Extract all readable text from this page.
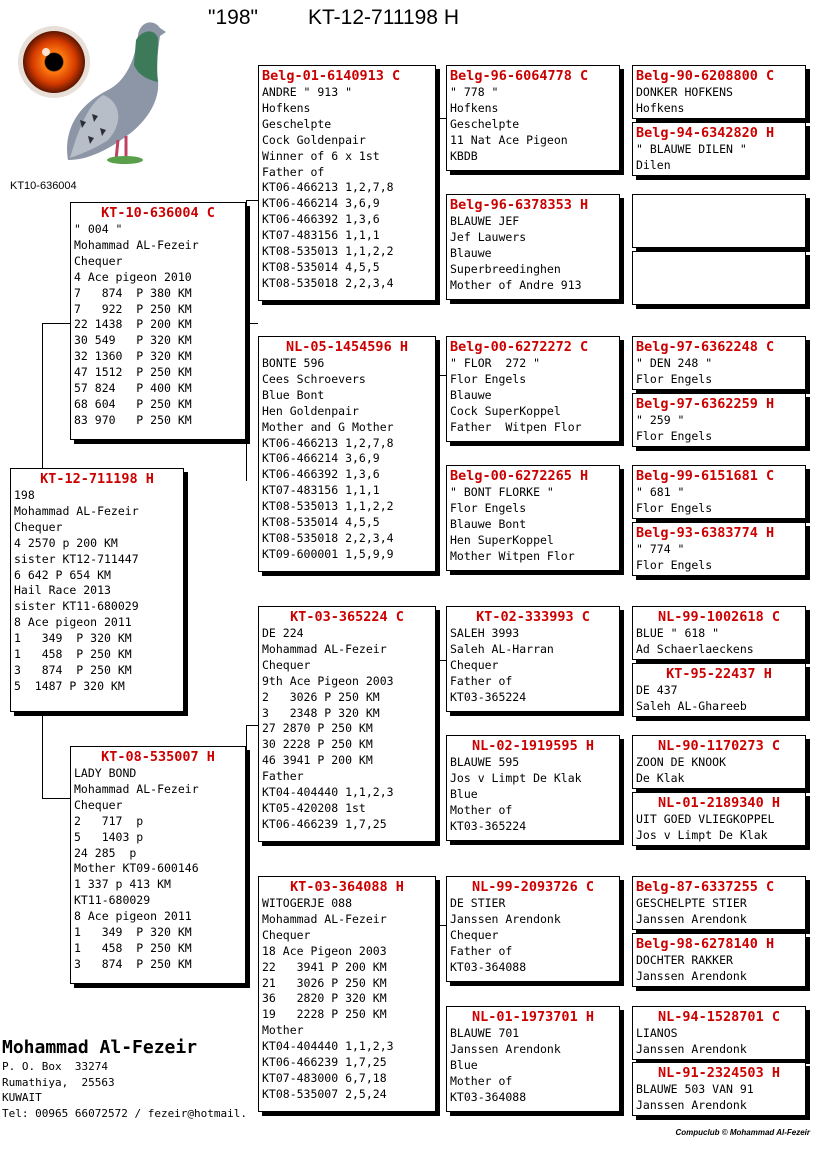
"198" KT-12-711198 H
KT10-636004
KT-12-711198 H
198
Mohammad AL-Fezeir
Chequer
4 2570 p 200 KM
sister KT12-711447
6 642 P 654 KM
Hail Race 2013
sister KT11-680029
8 Ace pigeon 2011
1   349  P 320 KM
1   458  P 250 KM
3   874  P 250 KM
5  1487 P 320 KM
KT-10-636004 C
" 004 "
Mohammad AL-Fezeir
Chequer
4 Ace pigeon 2010
7   874  P 380 KM
7   922  P 250 KM
22 1438  P 200 KM
30 549   P 320 KM
32 1360  P 320 KM
47 1512  P 250 KM
57 824   P 400 KM
68 604   P 250 KM
83 970   P 250 KM
KT-08-535007 H
LADY BOND
Mohammad AL-Fezeir
Chequer
2   717  p
5   1403 p
24 285  p
Mother KT09-600146
1 337 p 413 KM
KT11-680029
8 Ace pigeon 2011
1   349  P 320 KM
1   458  P 250 KM
3   874  P 250 KM
Belg-01-6140913 C
ANDRE " 913 "
Hofkens
Geschelpte
Cock Goldenpair
Winner of 6 x 1st
Father of
KT06-466213 1,2,7,8
KT06-466214 3,6,9
KT06-466392 1,3,6
KT07-483156 1,1,1
KT08-535013 1,1,2,2
KT08-535014 4,5,5
KT08-535018 2,2,3,4
NL-05-1454596 H
BONTE 596
Cees Schroevers
Blue Bont
Hen Goldenpair
Mother and G Mother
KT06-466213 1,2,7,8
KT06-466214 3,6,9
KT06-466392 1,3,6
KT07-483156 1,1,1
KT08-535013 1,1,2,2
KT08-535014 4,5,5
KT08-535018 2,2,3,4
KT09-600001 1,5,9,9
KT-03-365224 C
DE 224
Mohammad AL-Fezeir
Chequer
9th Ace Pigeon 2003
2   3026 P 250 KM
3   2348 P 320 KM
27 2870 P 250 KM
30 2228 P 250 KM
46 3941 P 200 KM
Father
KT04-404440 1,1,2,3
KT05-420208 1st
KT06-466239 1,7,25
KT-03-364088 H
WITOGERJE 088
Mohammad AL-Fezeir
Chequer
18 Ace Pigeon 2003
22   3941 P 200 KM
21   3026 P 250 KM
36   2820 P 320 KM
19   2228 P 250 KM
Mother
KT04-404440 1,1,2,3
KT06-466239 1,7,25
KT07-483000 6,7,18
KT08-535007 2,5,24
Belg-96-6064778 C
" 778 "
Hofkens
Geschelpte
11 Nat Ace Pigeon
KBDB
Belg-96-6378353 H
BLAUWE JEF
Jef Lauwers
Blauwe
Superbreedinghen
Mother of Andre 913
Belg-00-6272272 C
" FLOR  272 "
Flor Engels
Blauwe
Cock SuperKoppel
Father  Witpen Flor
Belg-00-6272265 H
" BONT FLORKE "
Flor Engels
Blauwe Bont
Hen SuperKoppel
Mother Witpen Flor
KT-02-333993 C
SALEH 3993
Saleh AL-Harran
Chequer
Father of
KT03-365224
NL-02-1919595 H
BLAUWE 595
Jos v Limpt De Klak
Blue
Mother of
KT03-365224
NL-99-2093726 C
DE STIER
Janssen Arendonk
Chequer
Father of
KT03-364088
NL-01-1973701 H
BLAUWE 701
Janssen Arendonk
Blue
Mother of
KT03-364088
Belg-90-6208800 C
DONKER HOFKENS
Hofkens
Belg-94-6342820 H
" BLAUWE DILEN "
Dilen
Belg-97-6362248 C
" DEN 248 "
Flor Engels
Belg-97-6362259 H
" 259 "
Flor Engels
Belg-99-6151681 C
" 681 "
Flor Engels
Belg-93-6383774 H
" 774 "
Flor Engels
NL-99-1002618 C
BLUE " 618 "
Ad Schaerlaeckens
KT-95-22437 H
DE 437
Saleh AL-Ghareeb
NL-90-1170273 C
ZOON DE KNOOK
De Klak
NL-01-2189340 H
UIT GOED VLIEGKOPPEL
Jos v Limpt De Klak
Belg-87-6337255 C
GESCHELPTE STIER
Janssen Arendonk
Belg-98-6278140 H
DOCHTER RAKKER
Janssen Arendonk
NL-94-1528701 C
LIANOS
Janssen Arendonk
NL-91-2324503 H
BLAUWE 503 VAN 91
Janssen Arendonk
Mohammad Al-Fezeir
P. O. Box  33274
Rumathiya,  25563
KUWAIT
Tel: 00965 66072572 / fezeir@hotmail.
Compuclub © Mohammad Al-Fezeir
